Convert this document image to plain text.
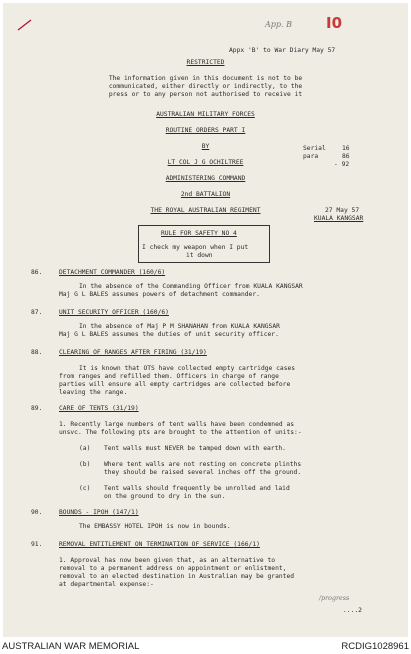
App. B I0
Appx 'B' to War Diary May 57
RESTRICTED
The information given in this document is not to be
communicated, either directly or indirectly, to the
press or to any person not authorised to receive it
AUSTRALIAN MILITARY FORCES
ROUTINE ORDERS PART I
BY
LT COL J G OCHILTREE
ADMINISTERING COMMAND
2nd BATTALION
THE ROYAL AUSTRALIAN REGIMENT
Serial	16
para	86
- 92
27 May 57
KUALA KANGSAR
RULE FOR SAFETY NO 4
I check my weapon when I put
it down
86.	DETACHMENT COMMANDER (160/6)
In the absence of the Commanding Officer from KUALA KANGSAR
Maj G L BALES assumes powers of detachment commander.
87.	UNIT SECURITY OFFICER (160/6)
In the absence of Maj P M SHANAHAN from KUALA KANGSAR
Maj G L BALES assumes the duties of unit security officer.
88.	CLEARING OF RANGES AFTER FIRING (31/19)
It is known that OTS have collected empty cartridge cases
from ranges and refilled them. Officers in charge of range
parties will ensure all empty cartridges are collected before
leaving the range.
89.	CARE OF TENTS (31/19)
1. Recently large numbers of tent walls have been condemned as
unsvc. The following pts are brought to the attention of units:-
(a) Tent walls must NEVER be tamped down with earth.
(b) Where tent walls are not resting on concrete plinths
they should be raised several inches off the ground.
(c) Tent walls should frequently be unrolled and laid
on the ground to dry in the sun.
90.	BOUNDS - IPOH (147/1)
The EMBASSY HOTEL IPOH is now in bounds.
91.	REMOVAL ENTITLEMENT ON TERMINATION OF SERVICE (166/1)
1. Approval has now been given that, as an alternative to
removal to a permanent address on appointment or enlistment,
removal to an elected destination in Australian may be granted
at departmental expense:-
/progress
....2
AUSTRALIAN WAR MEMORIAL	RCDIG1028961
